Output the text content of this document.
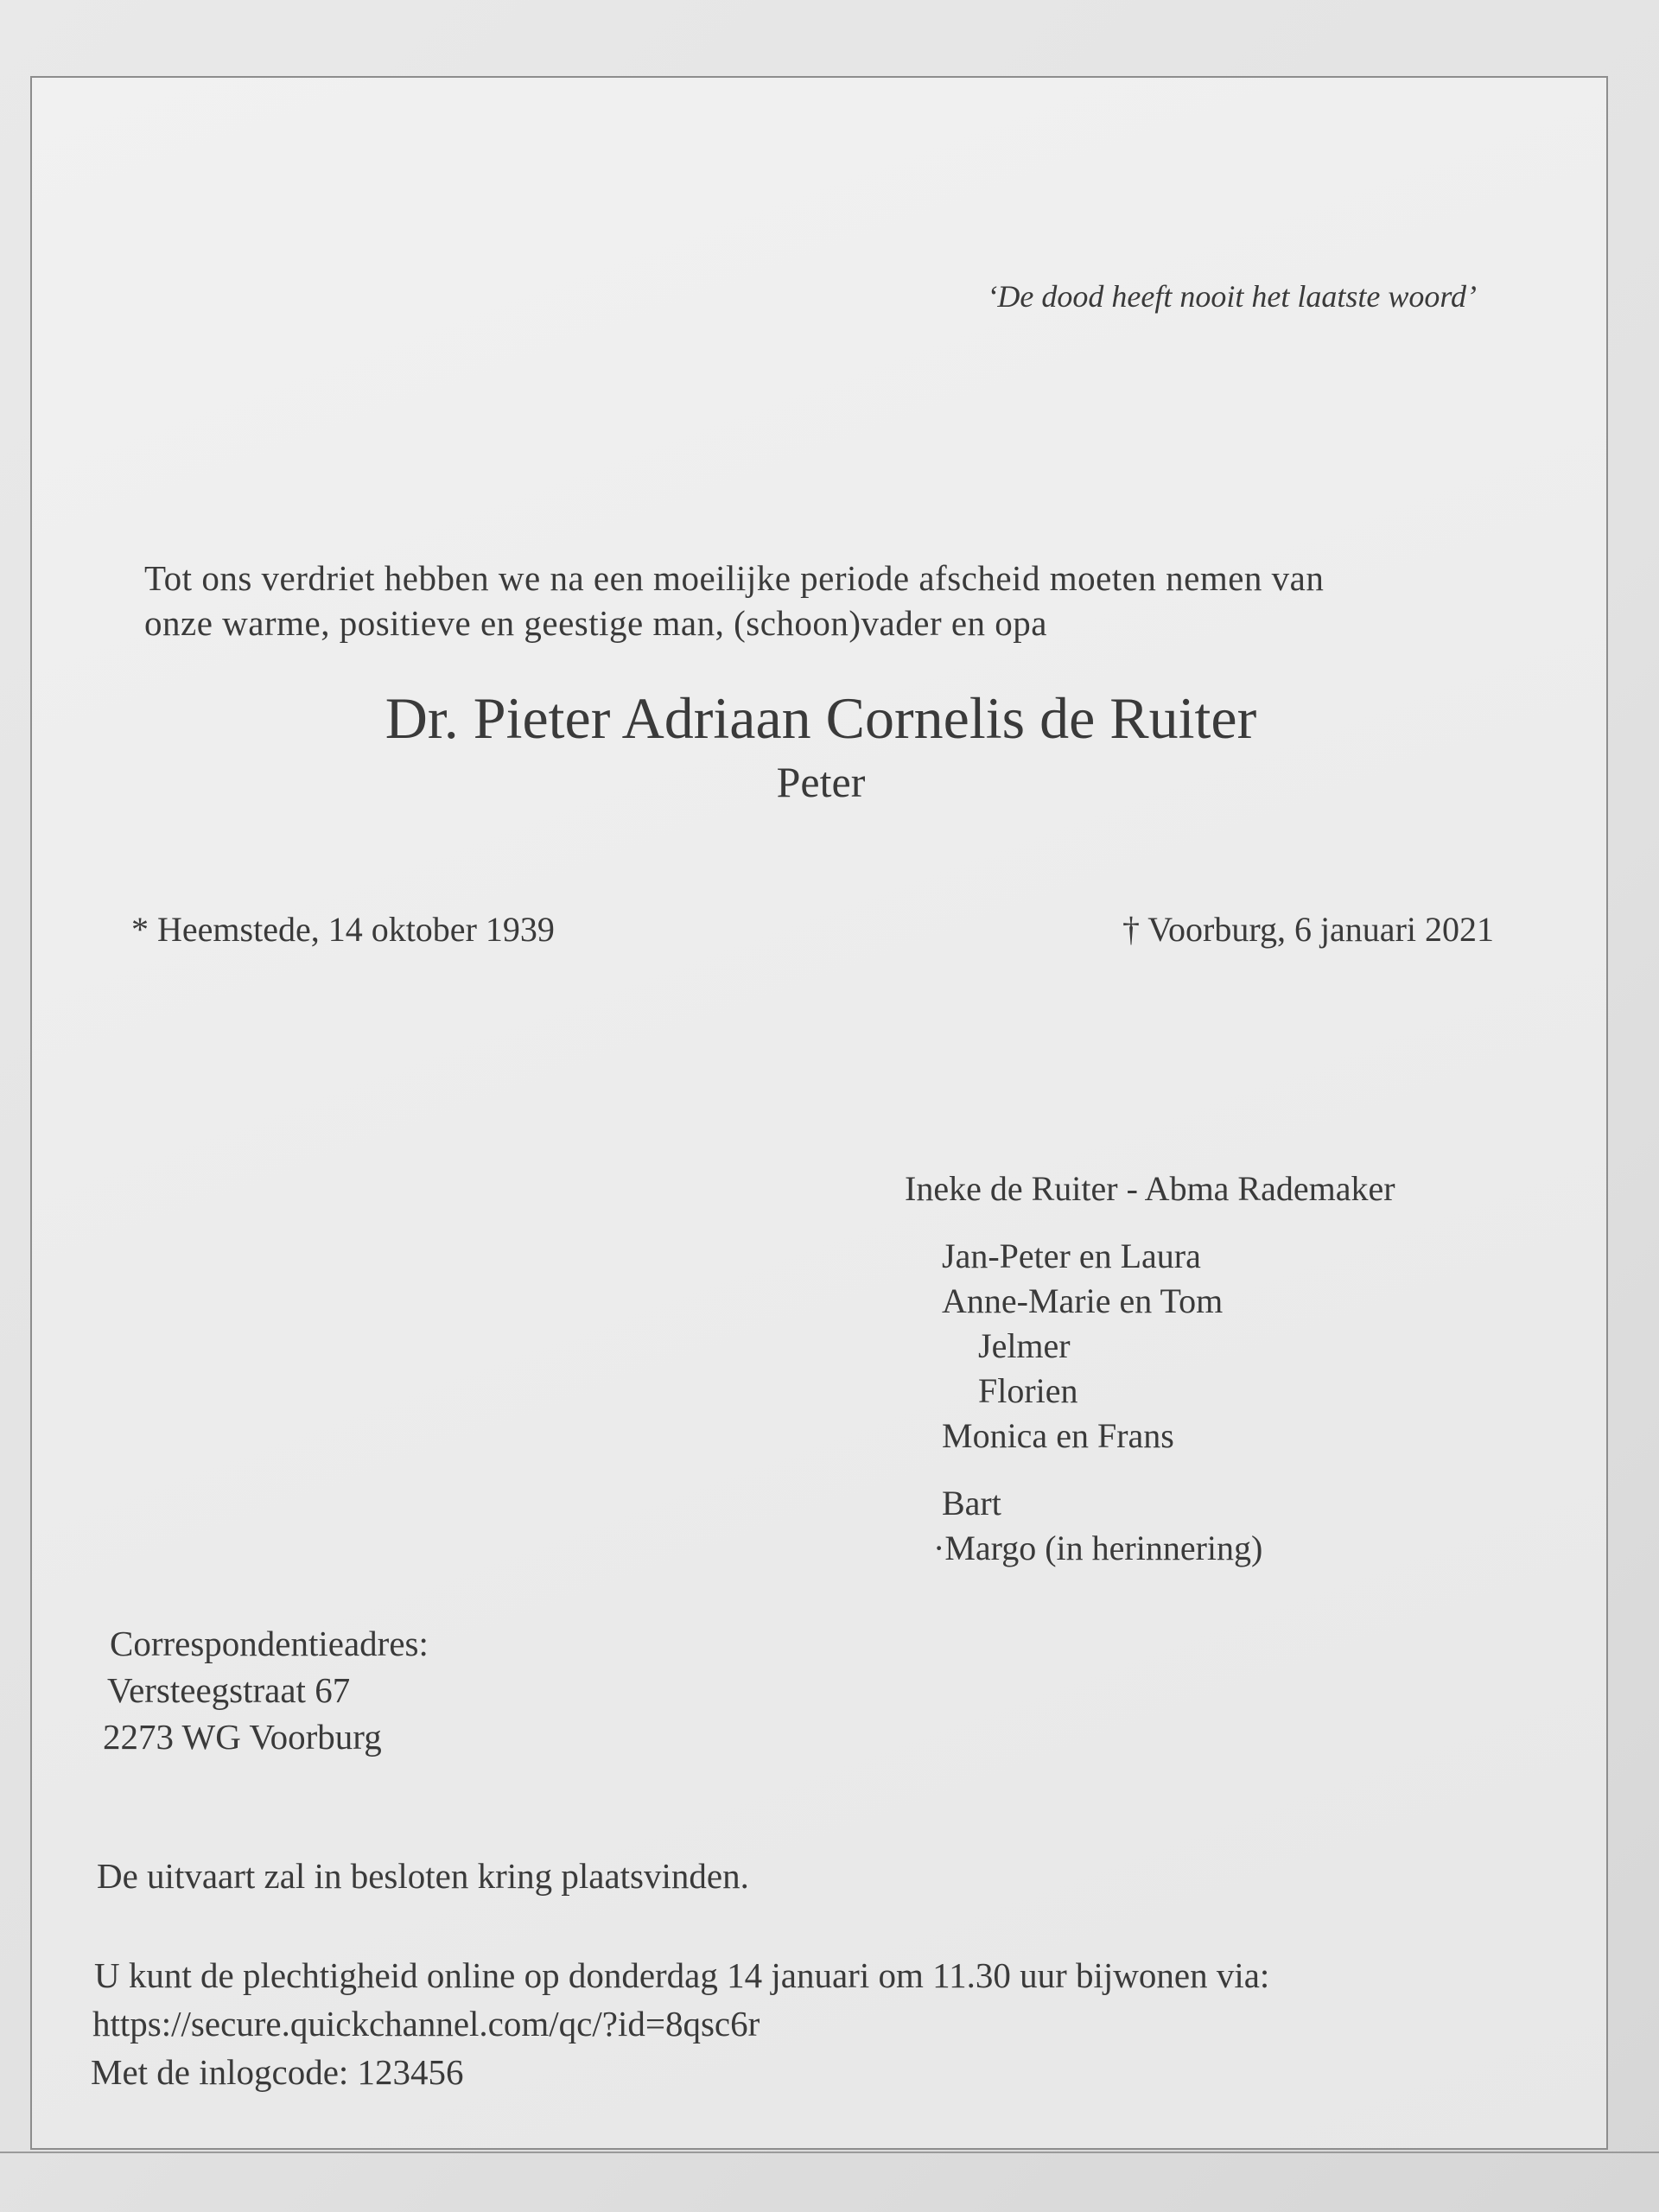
‘De dood heeft nooit het laatste woord’

Tot ons verdriet hebben we na een moeilijke periode afscheid moeten nemen van

onze warme, positieve en geestige man, (schoon)vader en opa

Dr. Pieter Adriaan Cornelis de Ruiter

Peter

* Heemstede, 14 oktober 1939	† Voorburg, 6 januari 2021

Ineke de Ruiter - Abma Rademaker

Jan-Peter en Laura

Anne-Marie en Tom

Jelmer

Florien

Monica en Frans

Bart

·Margo (in herinnering)

Correspondentieadres:

Versteegstraat 67

2273 WG Voorburg

De uitvaart zal in besloten kring plaatsvinden.

U kunt de plechtigheid online op donderdag 14 januari om 11.30 uur bijwonen via:

https://secure.quickchannel.com/qc/?id=8qsc6r

Met de inlogcode: 123456
